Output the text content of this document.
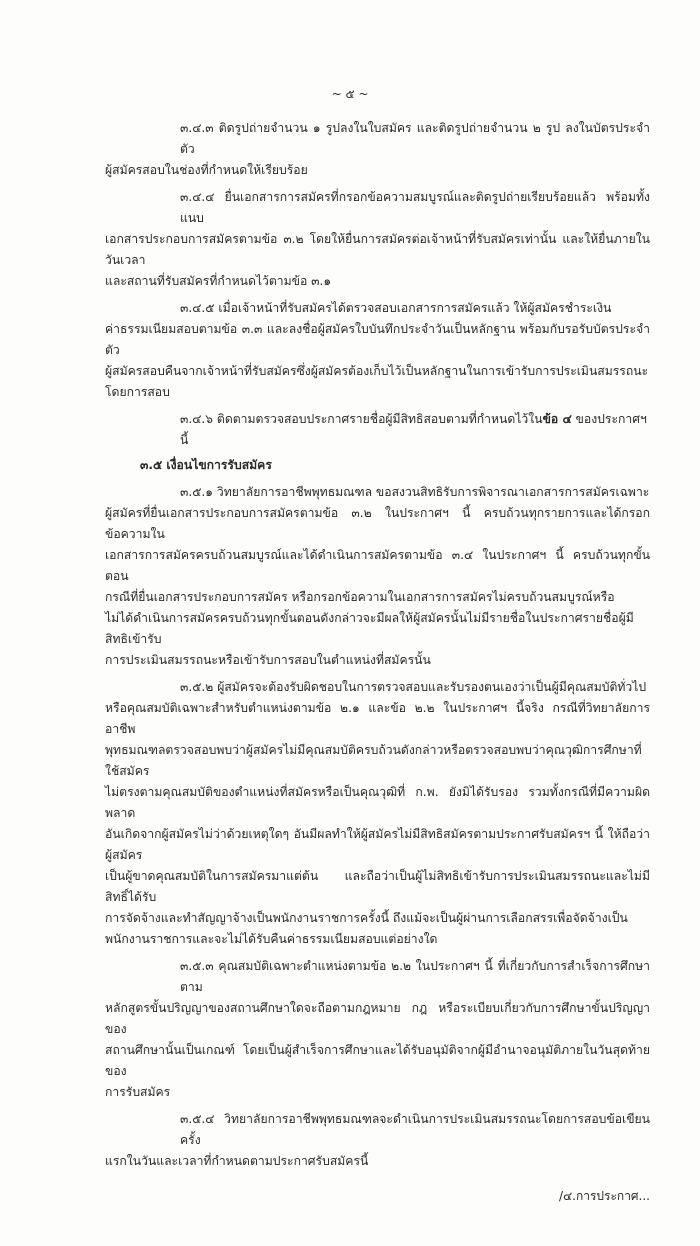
~ ๕ ~
๓.๔.๓ ติดรูปถ่ายจำนวน ๑ รูปลงในใบสมัคร และติดรูปถ่ายจำนวน ๒ รูป ลงในบัตรประจำตัว
ผู้สมัครสอบในช่องที่กำหนดให้เรียบร้อย
๓.๔.๔ ยื่นเอกสารการสมัครที่กรอกข้อความสมบูรณ์และติดรูปถ่ายเรียบร้อยแล้ว พร้อมทั้งแนบ
เอกสารประกอบการสมัครตามข้อ ๓.๒ โดยให้ยื่นการสมัครต่อเจ้าหน้าที่รับสมัครเท่านั้น และให้ยื่นภายในวันเวลา
และสถานที่รับสมัครที่กำหนดไว้ตามข้อ ๓.๑
๓.๔.๕ เมื่อเจ้าหน้าที่รับสมัครได้ตรวจสอบเอกสารการสมัครแล้ว ให้ผู้สมัครชำระเงิน
ค่าธรรมเนียมสอบตามข้อ ๓.๓ และลงชื่อผู้สมัครใบบันทึกประจำวันเป็นหลักฐาน พร้อมกับรอรับบัตรประจำตัว
ผู้สมัครสอบคืนจากเจ้าหน้าที่รับสมัครซึ่งผู้สมัครต้องเก็บไว้เป็นหลักฐานในการเข้ารับการประเมินสมรรถนะ
โดยการสอบ
๓.๔.๖ ติดตามตรวจสอบประกาศรายชื่อผู้มีสิทธิสอบตามที่กำหนดไว้ในข้อ ๔ ของประกาศฯ นี้
๓.๕ เงื่อนไขการรับสมัคร
๓.๕.๑ วิทยาลัยการอาชีพพุทธมณฑล ขอสงวนสิทธิรับการพิจารณาเอกสารการสมัครเฉพาะ
ผู้สมัครที่ยื่นเอกสารประกอบการสมัครตามข้อ ๓.๒ ในประกาศฯ นี้ ครบถ้วนทุกรายการและได้กรอกข้อความใน
เอกสารการสมัครครบถ้วนสมบูรณ์และได้ดำเนินการสมัครตามข้อ ๓.๔ ในประกาศฯ นี้ ครบถ้วนทุกขั้นตอน
กรณีที่ยื่นเอกสารประกอบการสมัคร หรือกรอกข้อความในเอกสารการสมัครไม่ครบถ้วนสมบูรณ์หรือ
ไม่ได้ดำเนินการสมัครครบถ้วนทุกขั้นตอนดังกล่าวจะมีผลให้ผู้สมัครนั้นไม่มีรายชื่อในประกาศรายชื่อผู้มีสิทธิเข้ารับ
การประเมินสมรรถนะหรือเข้ารับการสอบในตำแหน่งที่สมัครนั้น
๓.๕.๒ ผู้สมัครจะต้องรับผิดชอบในการตรวจสอบและรับรองตนเองว่าเป็นผู้มีคุณสมบัติทั่วไป
หรือคุณสมบัติเฉพาะสำหรับตำแหน่งตามข้อ ๒.๑ และข้อ ๒.๒ ในประกาศฯ นี้จริง กรณีที่วิทยาลัยการอาชีพ
พุทธมณฑลตรวจสอบพบว่าผู้สมัครไม่มีคุณสมบัติครบถ้วนดังกล่าวหรือตรวจสอบพบว่าคุณวุฒิการศึกษาที่ใช้สมัคร
ไม่ตรงตามคุณสมบัติของตำแหน่งที่สมัครหรือเป็นคุณวุฒิที่ ก.พ. ยังมิได้รับรอง รวมทั้งกรณีที่มีความผิดพลาด
อันเกิดจากผู้สมัครไม่ว่าด้วยเหตุใดๆ อันมีผลทำให้ผู้สมัครไม่มีสิทธิสมัครตามประกาศรับสมัครฯ นี้ ให้ถือว่าผู้สมัคร
เป็นผู้ขาดคุณสมบัติในการสมัครมาแต่ต้น และถือว่าเป็นผู้ไม่สิทธิเข้ารับการประเมินสมรรถนะและไม่มีสิทธิ์ได้รับ
การจัดจ้างและทำสัญญาจ้างเป็นพนักงานราชการครั้งนี้ ถึงแม้จะเป็นผู้ผ่านการเลือกสรรเพื่อจัดจ้างเป็น
พนักงานราชการและจะไม่ได้รับคืนค่าธรรมเนียมสอบแต่อย่างใด
๓.๕.๓ คุณสมบัติเฉพาะตำแหน่งตามข้อ ๒.๒ ในประกาศฯ นี้ ที่เกี่ยวกับการสำเร็จการศึกษาตาม
หลักสูตรขั้นปริญญาของสถานศึกษาใดจะถือตามกฎหมาย กฎ หรือระเบียบเกี่ยวกับการศึกษาขั้นปริญญาของ
สถานศึกษานั้นเป็นเกณฑ์ โดยเป็นผู้สำเร็จการศึกษาและได้รับอนุมัติจากผู้มีอำนาจอนุมัติภายในวันสุดท้ายของ
การรับสมัคร
๓.๕.๔ วิทยาลัยการอาชีพพุทธมณฑลจะดำเนินการประเมินสมรรถนะโดยการสอบข้อเขียนครั้ง
แรกในวันและเวลาที่กำหนดตามประกาศรับสมัครนี้
/๔.การประกาศ...
